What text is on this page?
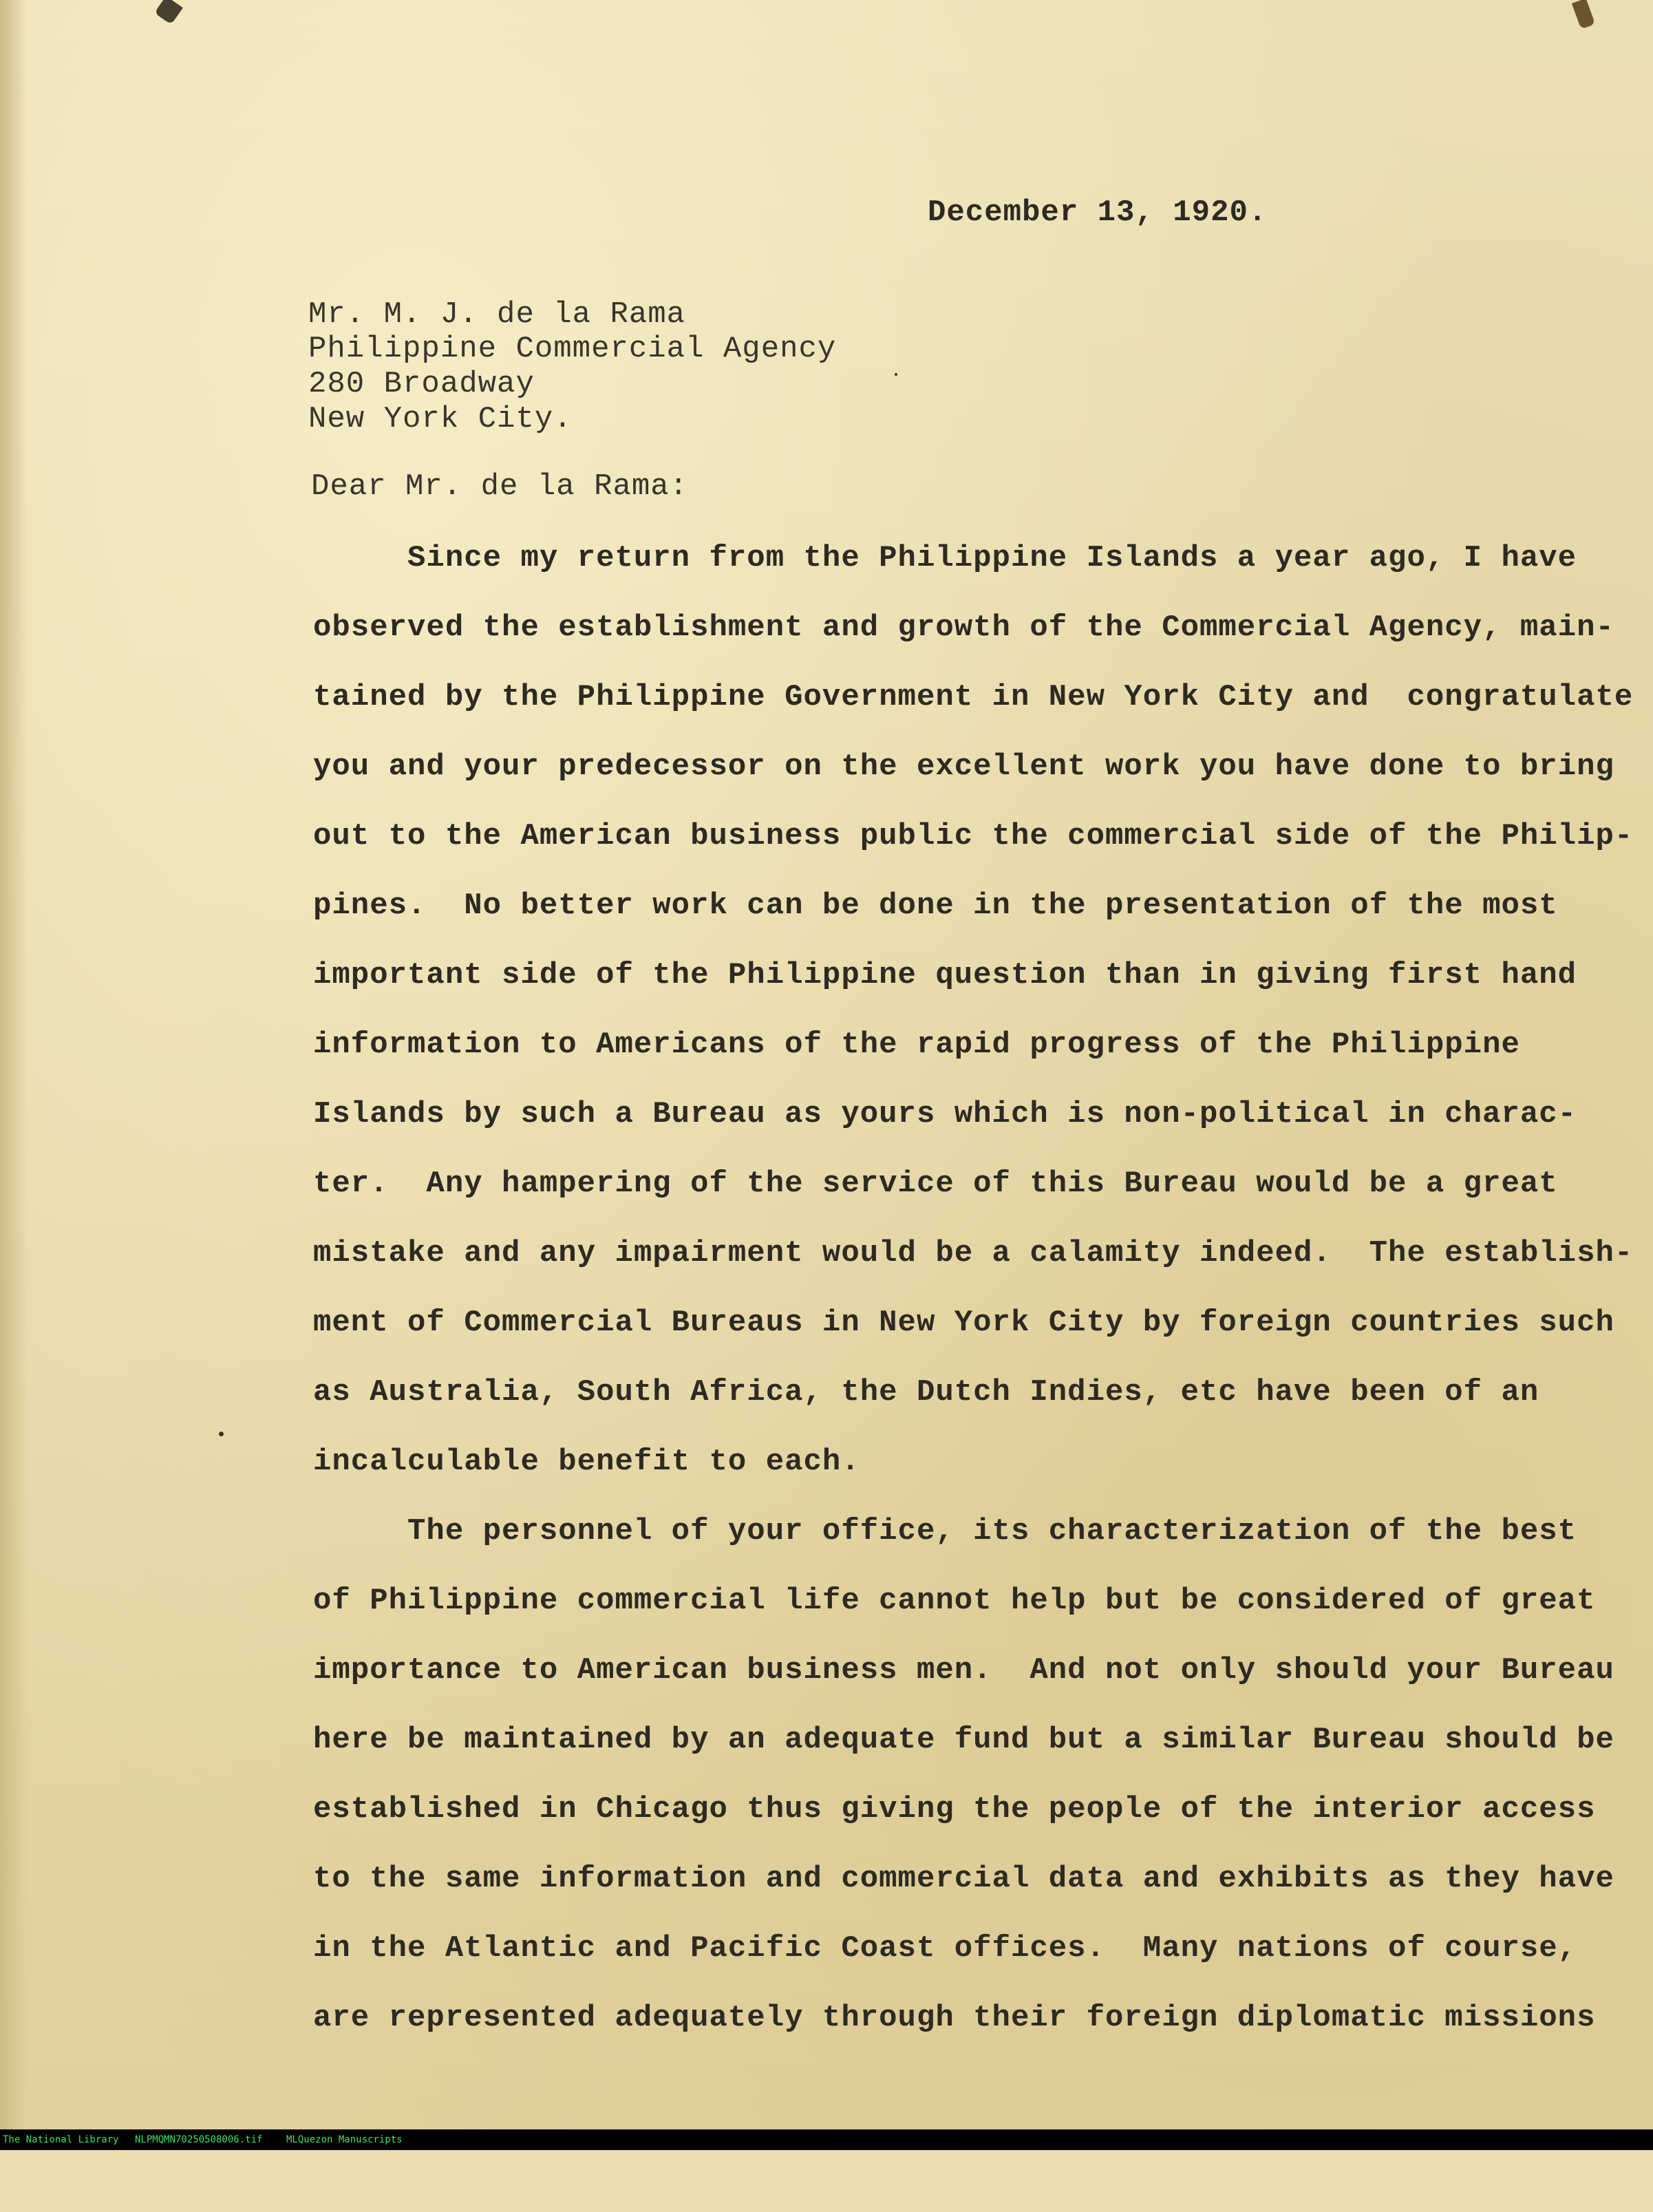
December 13, 1920.
Mr. M. J. de la Rama
Philippine Commercial Agency
280 Broadway
New York City.
Dear Mr. de la Rama:
Since my return from the Philippine Islands a year ago, I have
observed the establishment and growth of the Commercial Agency, main-
tained by the Philippine Government in New York City and  congratulate
you and your predecessor on the excellent work you have done to bring
out to the American business public the commercial side of the Philip-
pines.  No better work can be done in the presentation of the most
important side of the Philippine question than in giving first hand
information to Americans of the rapid progress of the Philippine
Islands by such a Bureau as yours which is non-political in charac-
ter.  Any hampering of the service of this Bureau would be a great
mistake and any impairment would be a calamity indeed.  The establish-
ment of Commercial Bureaus in New York City by foreign countries such
as Australia, South Africa, the Dutch Indies, etc have been of an
incalculable benefit to each.
The personnel of your office, its characterization of the best
of Philippine commercial life cannot help but be considered of great
importance to American business men.  And not only should your Bureau
here be maintained by an adequate fund but a similar Bureau should be
established in Chicago thus giving the people of the interior access
to the same information and commercial data and exhibits as they have
in the Atlantic and Pacific Coast offices.  Many nations of course,
are represented adequately through their foreign diplomatic missions

The National Library

NLPMQMN70250508006.tif

MLQuezon Manuscripts
